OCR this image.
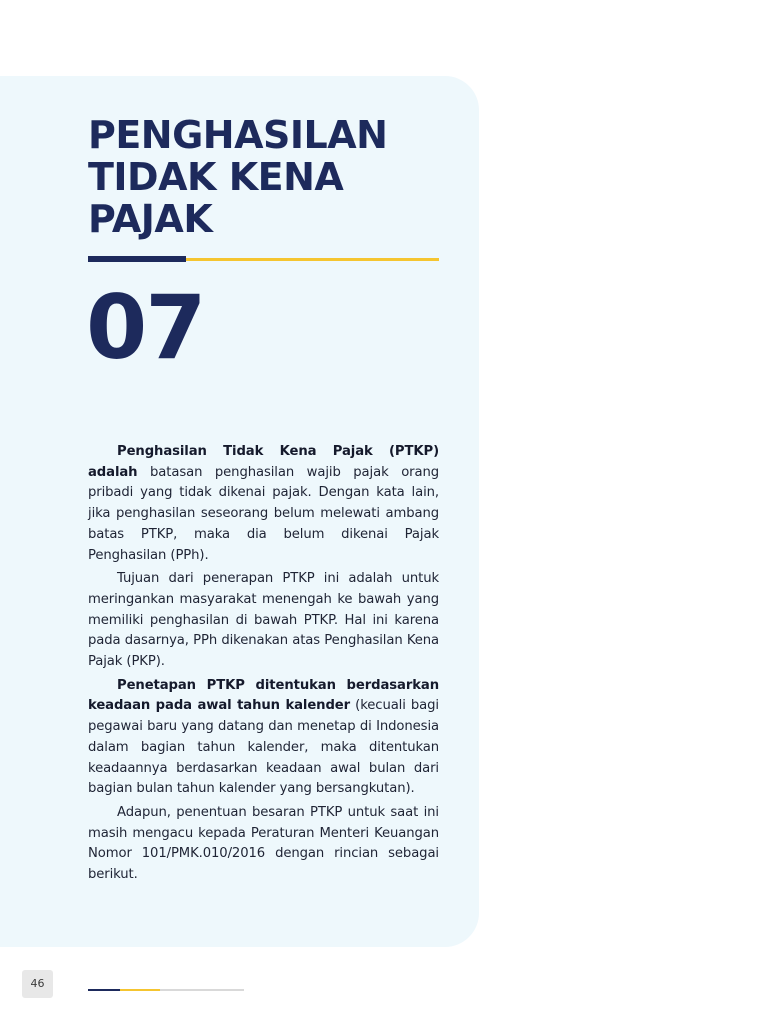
PENGHASILAN TIDAK KENA PAJAK
07

Penghasilan Tidak Kena Pajak (PTKP) adalah batasan penghasilan wajib pajak orang pribadi yang tidak dikenai pajak. Dengan kata lain, jika penghasilan seseorang belum melewati ambang batas PTKP, maka dia belum dikenai Pajak Penghasilan (PPh).

Tujuan dari penerapan PTKP ini adalah untuk meringankan masyarakat menengah ke bawah yang memiliki penghasilan di bawah PTKP. Hal ini karena pada dasarnya, PPh dikenakan atas Penghasilan Kena Pajak (PKP).

Penetapan PTKP ditentukan berdasarkan keadaan pada awal tahun kalender (kecuali bagi pegawai baru yang datang dan menetap di Indonesia dalam bagian tahun kalender, maka ditentukan keadaannya berdasarkan keadaan awal bulan dari bagian bulan tahun kalender yang bersangkutan).

Adapun, penentuan besaran PTKP untuk saat ini masih mengacu kepada Peraturan Menteri Keuangan Nomor 101/PMK.010/2016 dengan rincian sebagai berikut.

46
